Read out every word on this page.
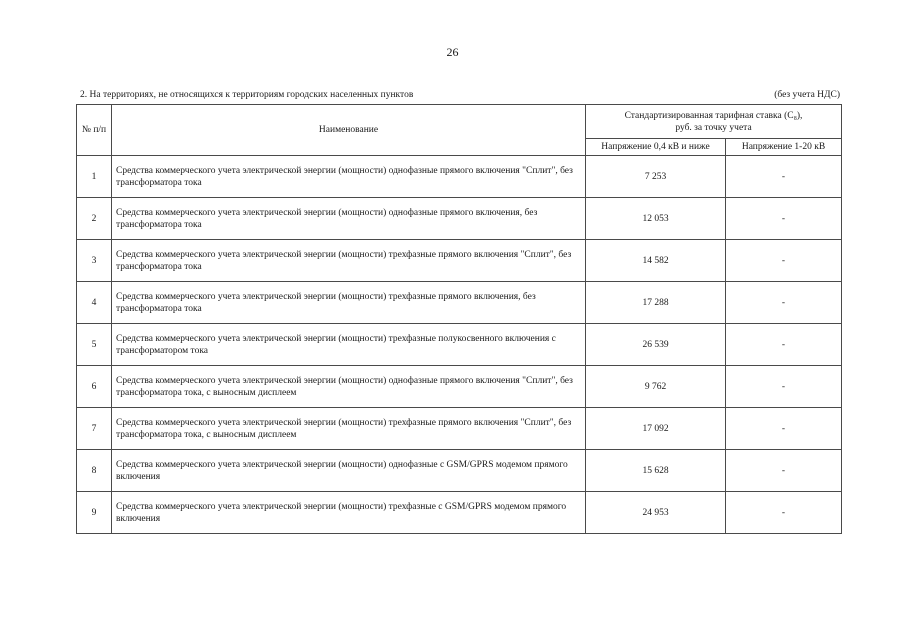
26
2. На территориях, не относящихся к территориям городских населенных пунктов	(без учета НДС)
№ п/п	Наименование	Стандартизированная тарифная ставка (C₈),
руб. за точку учета	

		Напряжение 0,4 кВ и ниже	Напряжение 1-20 кВ
1	Средства коммерческого учета электрической энергии (мощности) однофазные прямого включения "Сплит", без трансформатора тока	7 253	-
2	Средства коммерческого учета электрической энергии (мощности) однофазные прямого включения, без трансформатора тока	12 053	-
3	Средства коммерческого учета электрической энергии (мощности) трехфазные прямого включения "Сплит", без трансформатора тока	14 582	-
4	Средства коммерческого учета электрической энергии (мощности) трехфазные прямого включения, без трансформатора тока	17 288	-
5	Средства коммерческого учета электрической энергии (мощности) трехфазные полукосвенного включения с трансформатором тока	26 539	-
6	Средства коммерческого учета электрической энергии (мощности) однофазные прямого включения "Сплит", без трансформатора тока, с выносным дисплеем	9 762	-
7	Средства коммерческого учета электрической энергии (мощности) трехфазные прямого включения "Сплит", без трансформатора тока, с выносным дисплеем	17 092	-
8	Средства коммерческого учета электрической энергии (мощности) однофазные с GSM/GPRS модемом прямого включения	15 628	-
9	Средства коммерческого учета электрической энергии (мощности) трехфазные с GSM/GPRS модемом прямого включения	24 953	-
